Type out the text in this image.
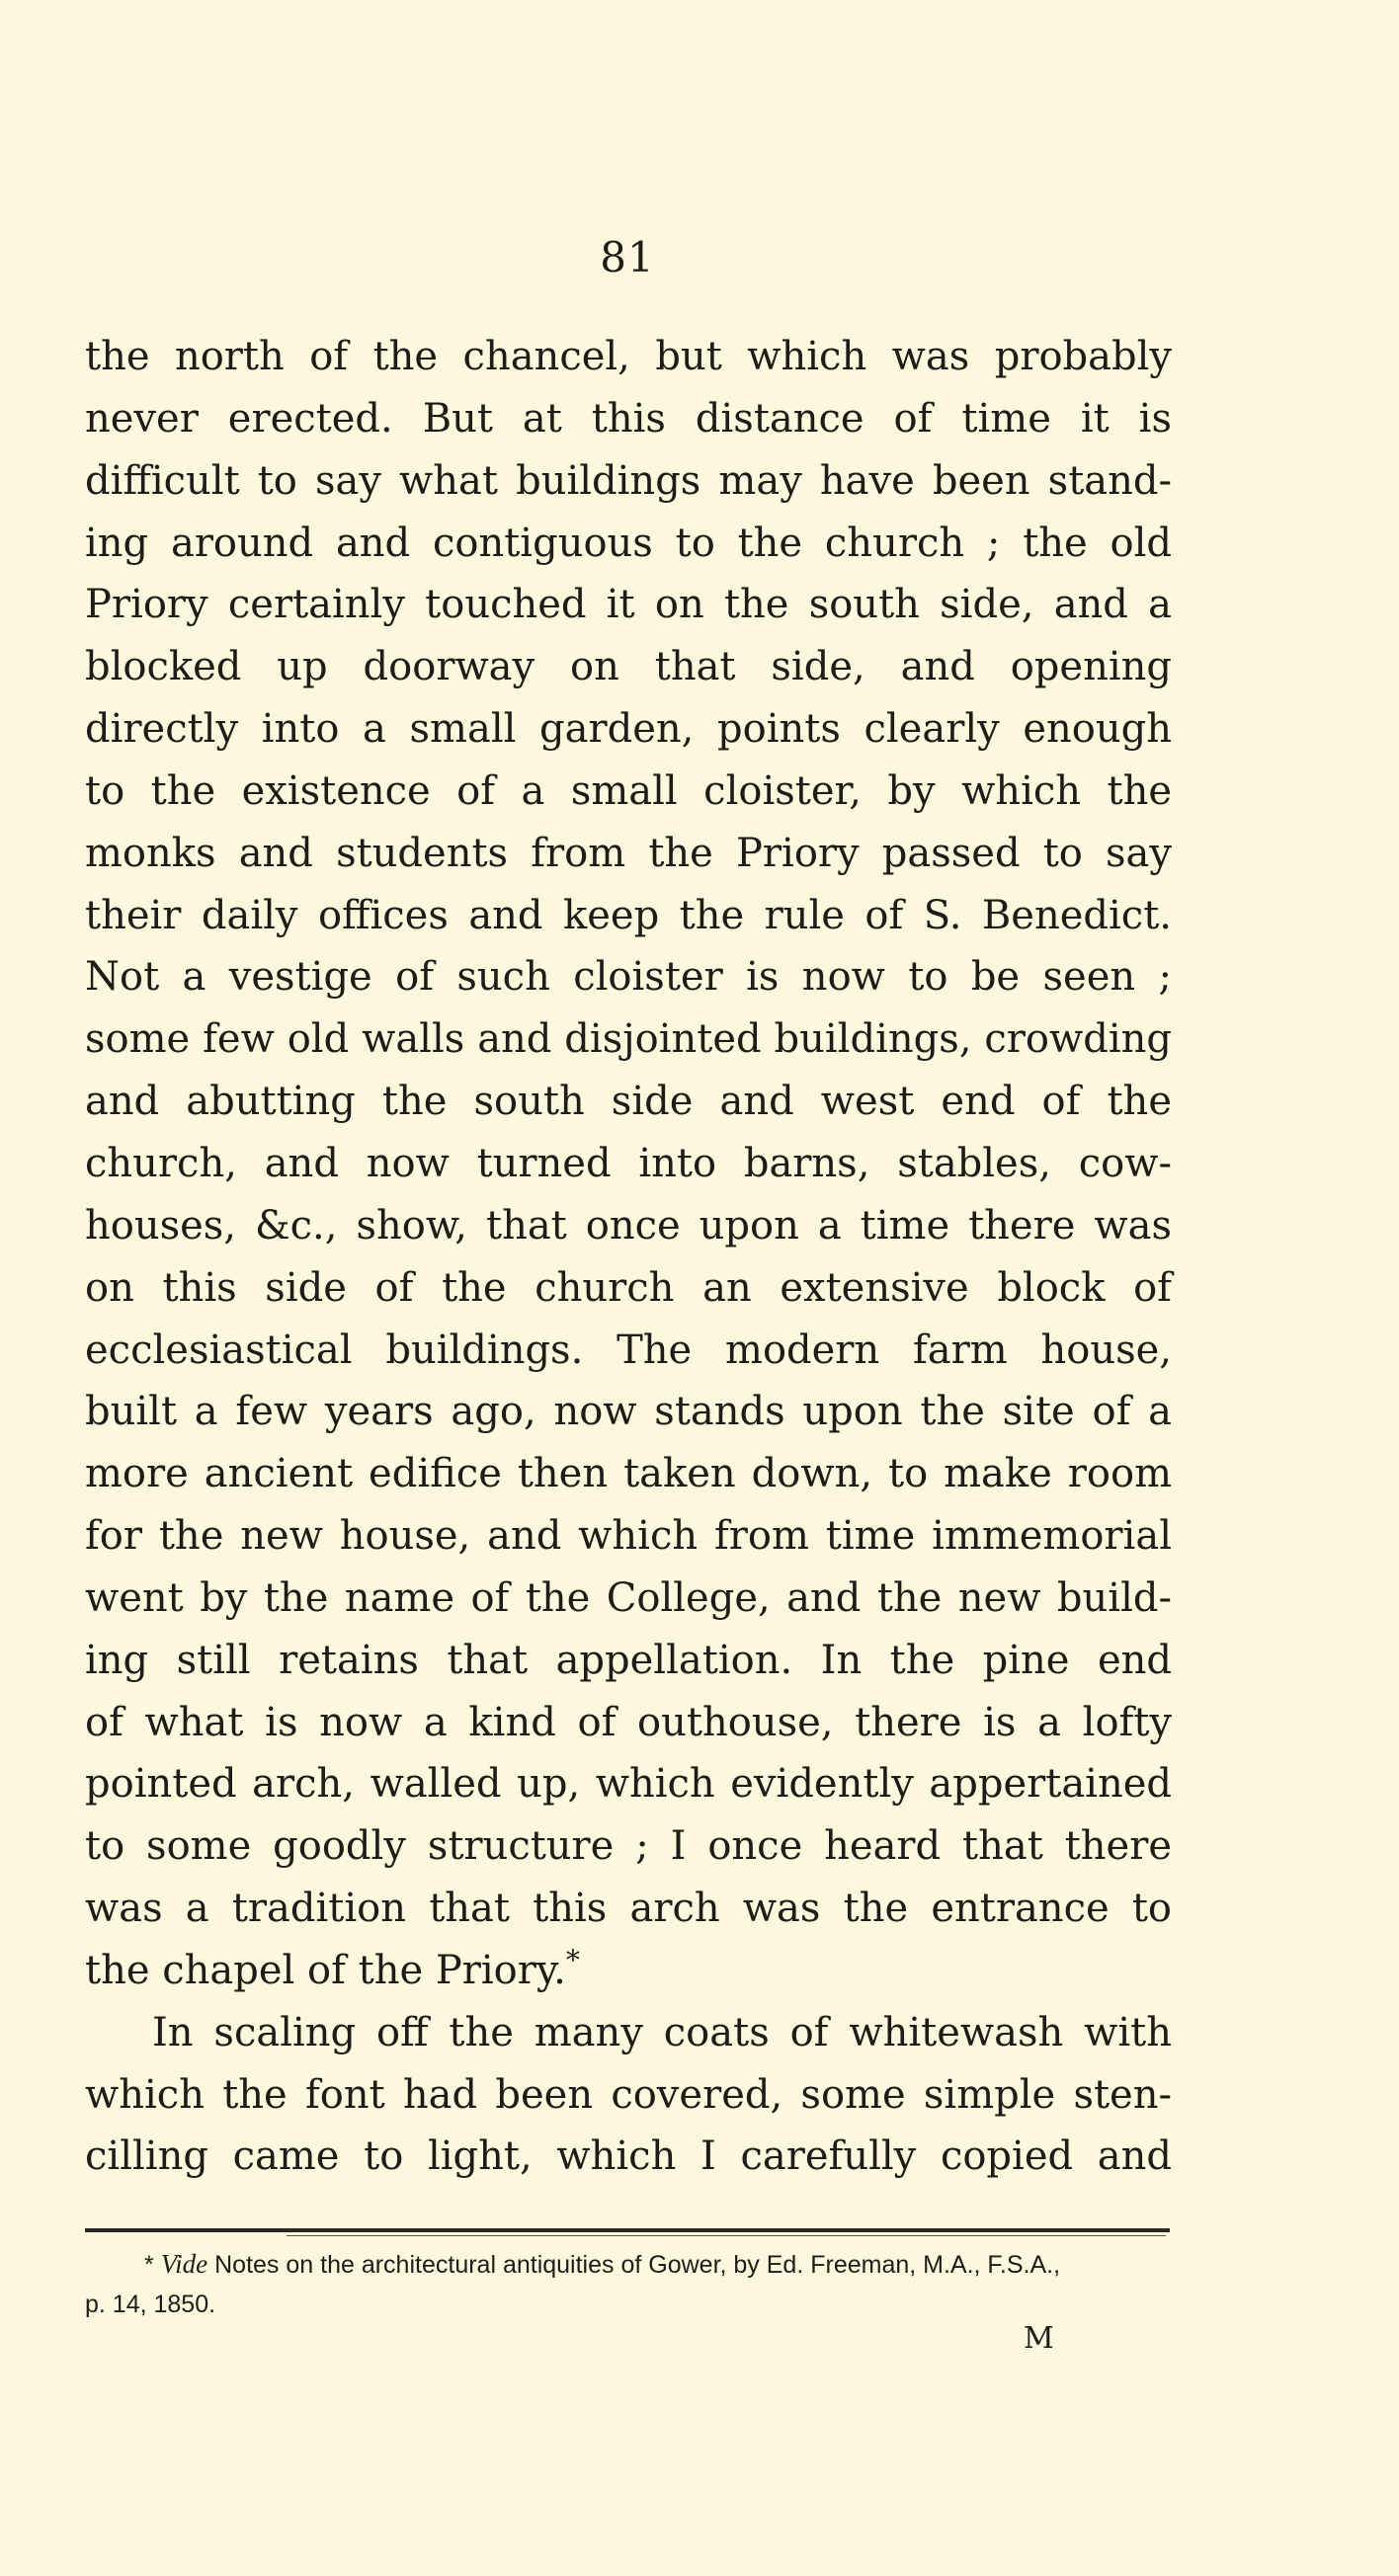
81
the north of the chancel, but which was probably
never erected. But at this distance of time it is
difficult to say what buildings may have been stand-
ing around and contiguous to the church ; the old
Priory certainly touched it on the south side, and a
blocked up doorway on that side, and opening
directly into a small garden, points clearly enough
to the existence of a small cloister, by which the
monks and students from the Priory passed to say
their daily offices and keep the rule of S. Benedict.
Not a vestige of such cloister is now to be seen ;
some few old walls and disjointed buildings, crowding
and abutting the south side and west end of the
church, and now turned into barns, stables, cow-
houses, &c., show, that once upon a time there was
on this side of the church an extensive block of
ecclesiastical buildings. The modern farm house,
built a few years ago, now stands upon the site of a
more ancient edifice then taken down, to make room
for the new house, and which from time immemorial
went by the name of the College, and the new build-
ing still retains that appellation. In the pine end
of what is now a kind of outhouse, there is a lofty
pointed arch, walled up, which evidently appertained
to some goodly structure ; I once heard that there
was a tradition that this arch was the entrance to
the chapel of the Priory.*
In scaling off the many coats of whitewash with
which the font had been covered, some simple sten-
cilling came to light, which I carefully copied and
* Vide Notes on the architectural antiquities of Gower, by Ed. Freeman, M.A., F.S.A.,
p. 14, 1850.
M
